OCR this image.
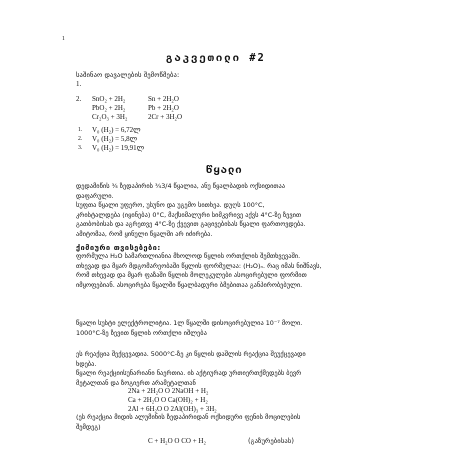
1
გაკვეთილი #2
საშინაო დავალების შემოწმება:
1.
2. SnO₂ + 2H₂	Sn + 2H₂O
PbO₂ + 2H₂	Pb + 2H₂O
Cr₂O₃ + 3H₂	2Cr + 3H₂O
1. V₀ (H₂) = 6,72ლ
2. V₀ (H₂) = 5,8ლ
3. V₀ (H₂) = 19,91ლ
წყალი
დედამიწის ¾ ზედაპირის ¾3/4 წყალია, ანუ წყალბადის ოქსიდითაა
დაფარული.
სუფთა წყალი უფერო, უსუნო და უგემო სითხეა. დუღს 100°C,
კრისტალდება (იყინება) 0°C, მაქსიმალური სიმკვრივე აქვს 4°C-ზე ზევით
გათბობისას და აგრეთვე 4°C-ზე ქვევით გაცივებისას წყალი ფართოვდება.
ამიტომაა, რომ ყინული წყალში არ იძირება.
ქიმიური თვისებები:
ფორმულა H₂O სამართლიანია მხოლოდ წყლის ორთქლის შემთხვევაში.
თხევად და მყარ მდგომარეობაში წყლის ფორმულაა: (H₂O)ₙ. რაც იმას ნიშნავს,
რომ თხევად და მყარ ფაზაში წყლის მოლეკულები ასოცირებული ფორმით
იმყოფებიან. ასოცირება წყალში წყალბადური ბმებითაა განპირობებული.
წყალი სუსტი ელექტროლიტია. 1ლ წყალში დისოცირებულია 10⁻⁷ მოლი.
1000°C-ზე ზევით წყლის ორთქლი იშლება
ეს რეაქცია შექცევადია. 5000°C-ზე კი წყლის დაშლის რეაქცია შეუქცევადი
ხდება.
წყალი რეაქციისუნარიანი ნაერთია. ის აქტიურად ურთიერთქმედებს ბევრ
მეტალთან და ზოგიერთ არამეტალთან
2Na + 2H₂O O 2NaOH + H₂
Ca + 2H₂O O Ca(OH)₂ + H₂
2Al + 6H₂O O 2Al(OH)₃ + 3H₂
(ეს რეაქცია მიდის ალუმინის ზედაპირიდან ოქსიდური ფენის მოცილების
შემდეგ)
C + H₂O O CO + H₂	(გაზურებისას)
